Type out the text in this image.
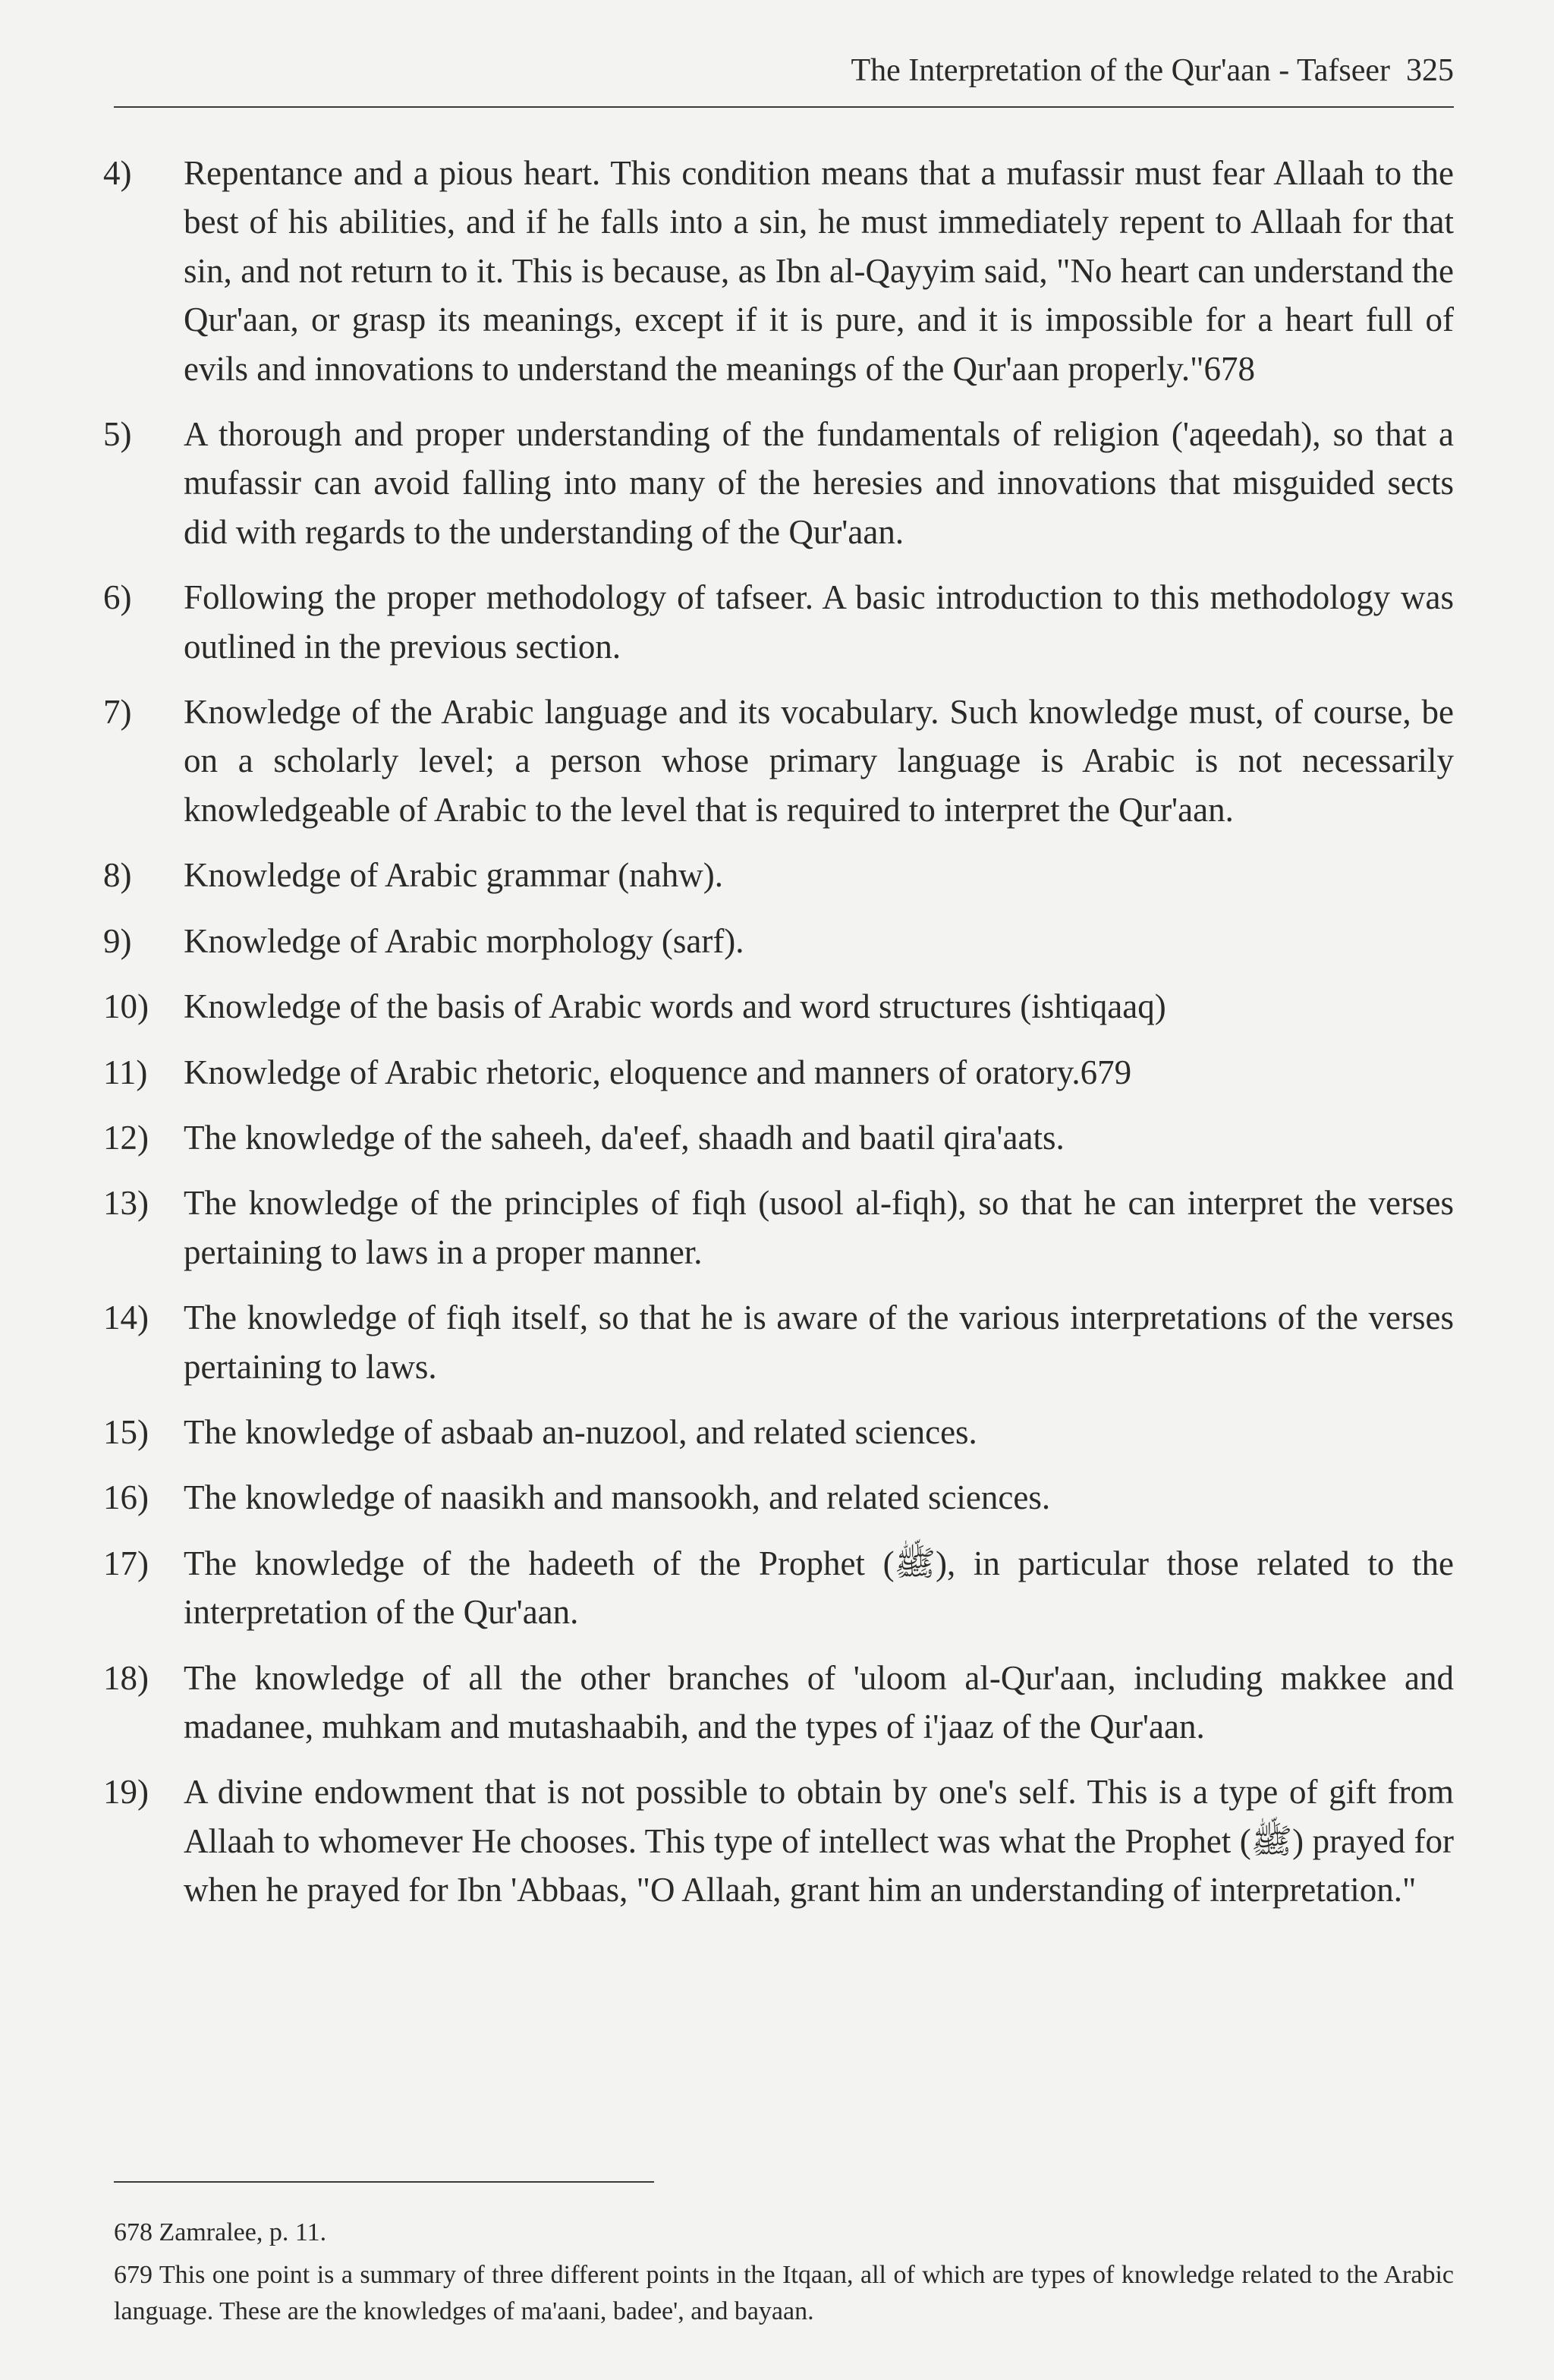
The Interpretation of the Qur'aan - Tafseer 325
4)	Repentance and a pious heart. This condition means that a mufassir must fear Allaah to the best of his abilities, and if he falls into a sin, he must immediately repent to Allaah for that sin, and not return to it. This is because, as Ibn al-Qayyim said, "No heart can understand the Qur'aan, or grasp its meanings, except if it is pure, and it is impossible for a heart full of evils and innovations to understand the meanings of the Qur'aan properly."678
5)	A thorough and proper understanding of the fundamentals of religion ('aqeedah), so that a mufassir can avoid falling into many of the heresies and innovations that misguided sects did with regards to the understanding of the Qur'aan.
6)	Following the proper methodology of tafseer. A basic introduction to this methodology was outlined in the previous section.
7)	Knowledge of the Arabic language and its vocabulary. Such knowledge must, of course, be on a scholarly level; a person whose primary language is Arabic is not necessarily knowledgeable of Arabic to the level that is required to interpret the Qur'aan.
8)	Knowledge of Arabic grammar (nahw).
9)	Knowledge of Arabic morphology (sarf).
10)	Knowledge of the basis of Arabic words and word structures (ishtiqaaq)
11)	Knowledge of Arabic rhetoric, eloquence and manners of oratory.679
12)	The knowledge of the saheeh, da'eef, shaadh and baatil qira'aats.
13)	The knowledge of the principles of fiqh (usool al-fiqh), so that he can interpret the verses pertaining to laws in a proper manner.
14)	The knowledge of fiqh itself, so that he is aware of the various interpretations of the verses pertaining to laws.
15)	The knowledge of asbaab an-nuzool, and related sciences.
16)	The knowledge of naasikh and mansookh, and related sciences.
17)	The knowledge of the hadeeth of the Prophet (ﷺ), in particular those related to the interpretation of the Qur'aan.
18)	The knowledge of all the other branches of 'uloom al-Qur'aan, including makkee and madanee, muhkam and mutashaabih, and the types of i'jaaz of the Qur'aan.
19)	A divine endowment that is not possible to obtain by one's self. This is a type of gift from Allaah to whomever He chooses. This type of intellect was what the Prophet (ﷺ) prayed for when he prayed for Ibn 'Abbaas, "O Allaah, grant him an understanding of interpretation."

678 Zamralee, p. 11.

679 This one point is a summary of three different points in the Itqaan, all of which are types of knowledge related to the Arabic language. These are the knowledges of ma'aani, badee', and bayaan.
